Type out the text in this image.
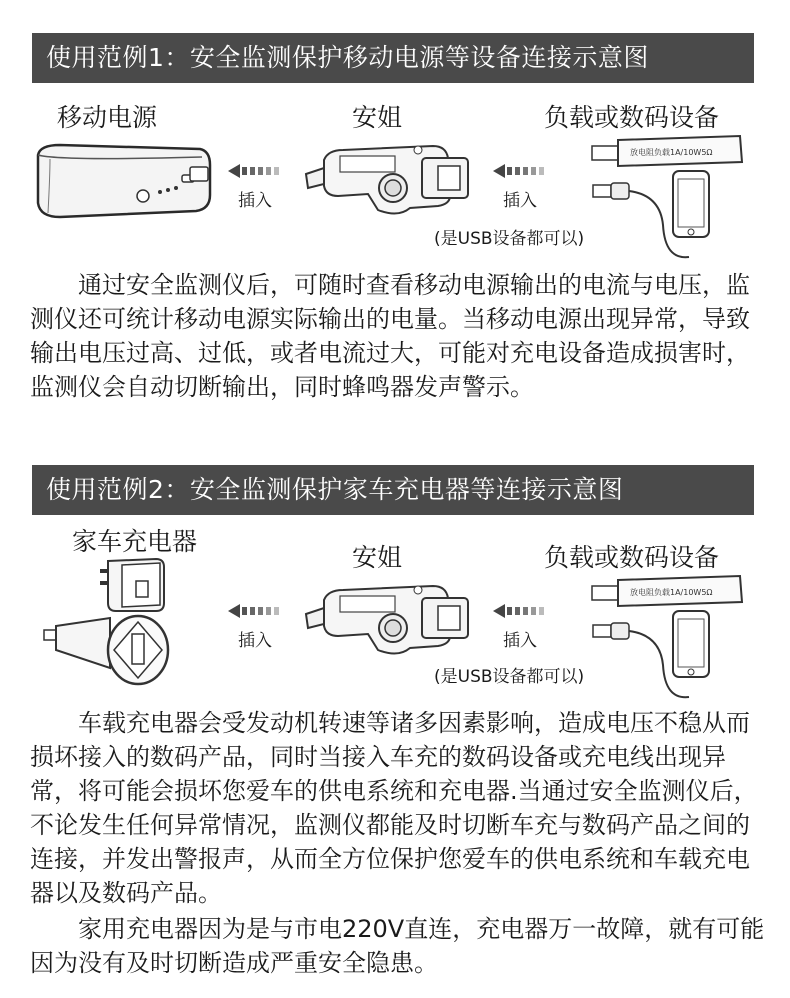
使用范例1：安全监测保护移动电源等设备连接示意图
移动电源	安姐	负载或数码设备
插入	插入
放电阻负载1A/10W5Ω
(是USB设备都可以)

通过安全监测仪后，可随时查看移动电源输出的电流与电压，监测仪还可统计移动电源实际输出的电量。当移动电源出现异常，导致输出电压过高、过低，或者电流过大，可能对充电设备造成损害时，监测仪会自动切断输出，同时蜂鸣器发声警示。

使用范例2：安全监测保护家车充电器等连接示意图
家车充电器
安姐	负载或数码设备
插入	插入
放电阻负载1A/10W5Ω
(是USB设备都可以)

车载充电器会受发动机转速等诸多因素影响，造成电压不稳从而损坏接入的数码产品，同时当接入车充的数码设备或充电线出现异常，将可能会损坏您爱车的供电系统和充电器.当通过安全监测仪后，不论发生任何异常情况，监测仪都能及时切断车充与数码产品之间的连接，并发出警报声，从而全方位保护您爱车的供电系统和车载充电器以及数码产品。

家用充电器因为是与市电220V直连，充电器万一故障，就有可能因为没有及时切断造成严重安全隐患。
